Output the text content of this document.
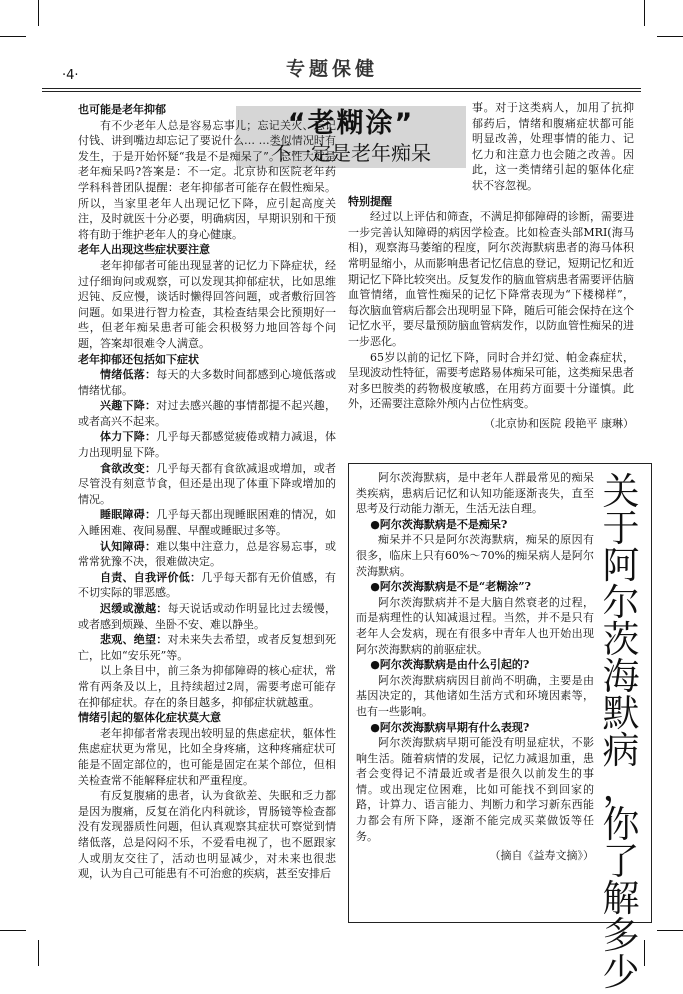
·4·	专题保健
“老糊涂”
不一定是老年痴呆

也可能是老年抑郁

有不少老年人总是容易忘事儿；忘记关火、忘记付钱、讲到嘴边却忘记了要说什么… …类似情况时有发生，于是开始怀疑“我是不是痴呆了”。忘性大就是老年痴呆吗?答案是：不一定。北京协和医院老年药学科科普团队提醒：老年抑郁者可能存在假性痴呆。所以，当家里老年人出现记忆下降，应引起高度关注，及时就医十分必要，明确病因，早期识别和干预将有助于维护老年人的身心健康。

老年人出现这些症状要注意

老年抑郁者可能出现显著的记忆力下降症状，经过仔细询问或观察，可以发现其抑郁症状，比如思维迟钝、反应慢，谈话时懒得回答问题，或者敷衍回答问题。如果进行智力检查，其检查结果会比预期好一些，但老年痴呆患者可能会积极努力地回答每个问题，答案却很难令人满意。

老年抑郁还包括如下症状

情绪低落：每天的大多数时间都感到心境低落或情绪忧郁。

兴趣下降：对过去感兴趣的事情都提不起兴趣，或者高兴不起来。

体力下降：几乎每天都感觉疲倦或精力减退，体力出现明显下降。

食欲改变：几乎每天都有食欲减退或增加，或者尽管没有刻意节食，但还是出现了体重下降或增加的情况。

睡眠障碍：几乎每天都出现睡眠困难的情况，如入睡困难、夜间易醒、早醒或睡眠过多等。

认知障碍：难以集中注意力，总是容易忘事，或常常犹豫不决，很难做决定。

自责、自我评价低：几乎每天都有无价值感，有不切实际的罪恶感。

迟缓或激越：每天说话或动作明显比过去缓慢，或者感到烦躁、坐卧不安、难以静坐。

悲观、绝望：对未来失去希望，或者反复想到死亡，比如“安乐死”等。

以上条目中，前三条为抑郁障碍的核心症状，常常有两条及以上，且持续超过2周，需要考虑可能存在抑郁症状。存在的条目越多，抑郁症状就越重。

情绪引起的躯体化症状莫大意

老年抑郁者常表现出较明显的焦虑症状，躯体性焦虑症状更为常见，比如全身疼痛，这种疼痛症状可能是不固定部位的，也可能是固定在某个部位，但相关检查常不能解释症状和严重程度。

有反复腹痛的患者，认为食欲差、失眠和乏力都是因为腹痛，反复在消化内科就诊，胃肠镜等检查都没有发现器质性问题，但认真观察其症状可察觉到情绪低落，总是闷闷不乐，不爱看电视了，也不愿跟家人或朋友交往了，活动也明显减少，对未来也很悲观，认为自己可能患有不可治愈的疾病，甚至安排后

事。对于这类病人，加用了抗抑郁药后，情绪和腹痛症状都可能明显改善，处理事情的能力、记忆力和注意力也会随之改善。因此，这一类情绪引起的躯体化症状不容忽视。

特别提醒

经过以上评估和筛查，不满足抑郁障碍的诊断，需要进一步完善认知障碍的病因学检查。比如检查头部MRI(海马相)，观察海马萎缩的程度，阿尔茨海默病患者的海马体积常明显缩小，从而影响患者记忆信息的登记，短期记忆和近期记忆下降比较突出。反复发作的脑血管病患者需要评估脑血管情绪，血管性痴呆的记忆下降常表现为“下楼梯样”，每次脑血管病后都会出现明显下降，随后可能会保持在这个记忆水平，要尽量预防脑血管病发作，以防血管性痴呆的进一步恶化。

65岁以前的记忆下降，同时合并幻觉、帕金森症状，呈现波动性特征，需要考虑路易体痴呆可能，这类痴呆患者对多巴胺类的药物极度敏感，在用药方面要十分谨慎。此外，还需要注意除外颅内占位性病变。

（北京协和医院 段艳平 康琳）

关
于
阿
尔
茨
海
默
病
，
你
了
解
多
少

阿尔茨海默病，是中老年人群最常见的痴呆类疾病，患病后记忆和认知功能逐渐丧失，直至思考及行动能力渐无，生活无法自理。

●阿尔茨海默病是不是痴呆?

痴呆并不只是阿尔茨海默病，痴呆的原因有很多，临床上只有60%～70%的痴呆病人是阿尔茨海默病。

●阿尔茨海默病是不是“老糊涂”?

阿尔茨海默病并不是大脑自然衰老的过程，而是病理性的认知减退过程。当然，并不是只有老年人会发病，现在有很多中青年人也开始出现阿尔茨海默病的前驱症状。

●阿尔茨海默病是由什么引起的?

阿尔茨海默病病因目前尚不明确，主要是由基因决定的，其他诸如生活方式和环境因素等，也有一些影响。

●阿尔茨海默病早期有什么表现?

阿尔茨海默病早期可能没有明显症状，不影响生活。随着病情的发展，记忆力减退加重，患者会变得记不清最近或者是很久以前发生的事情。或出现定位困难，比如可能找不到回家的路，计算力、语言能力、判断力和学习新东西能力都会有所下降，逐渐不能完成买菜做饭等任务。

（摘自《益寿文摘》）
